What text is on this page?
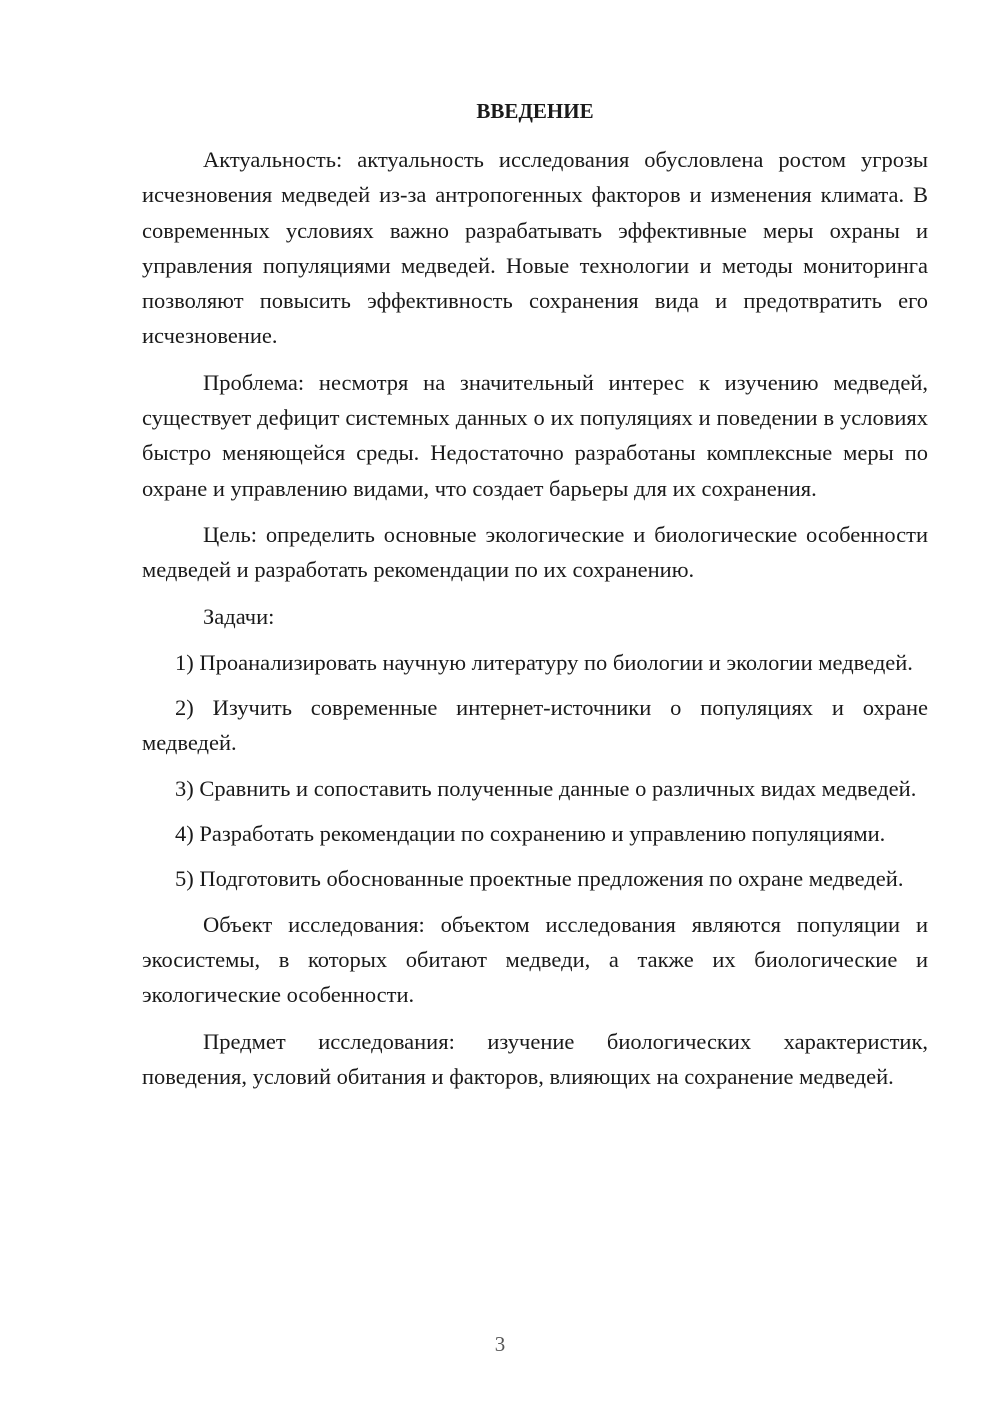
ВВЕДЕНИЕ

Актуальность: актуальность исследования обусловлена ростом угрозы исчезновения медведей из-за антропогенных факторов и изменения климата. В современных условиях важно разрабатывать эффективные меры охраны и управления популяциями медведей. Новые технологии и методы мониторинга позволяют повысить эффективность сохранения вида и предотвратить его исчезновение.

Проблема: несмотря на значительный интерес к изучению медведей, существует дефицит системных данных о их популяциях и поведении в условиях быстро меняющейся среды. Недостаточно разработаны комплексные меры по охране и управлению видами, что создает барьеры для их сохранения.

Цель: определить основные экологические и биологические особенности медведей и разработать рекомендации по их сохранению.

Задачи:

1) Проанализировать научную литературу по биологии и экологии медведей.

2) Изучить современные интернет-источники о популяциях и охране медведей.

3) Сравнить и сопоставить полученные данные о различных видах медведей.

4) Разработать рекомендации по сохранению и управлению популяциями.

5) Подготовить обоснованные проектные предложения по охране медведей.

Объект исследования: объектом исследования являются популяции и экосистемы, в которых обитают медведи, а также их биологические и экологические особенности.

Предмет исследования: изучение биологических характеристик, поведения, условий обитания и факторов, влияющих на сохранение медведей.

3
